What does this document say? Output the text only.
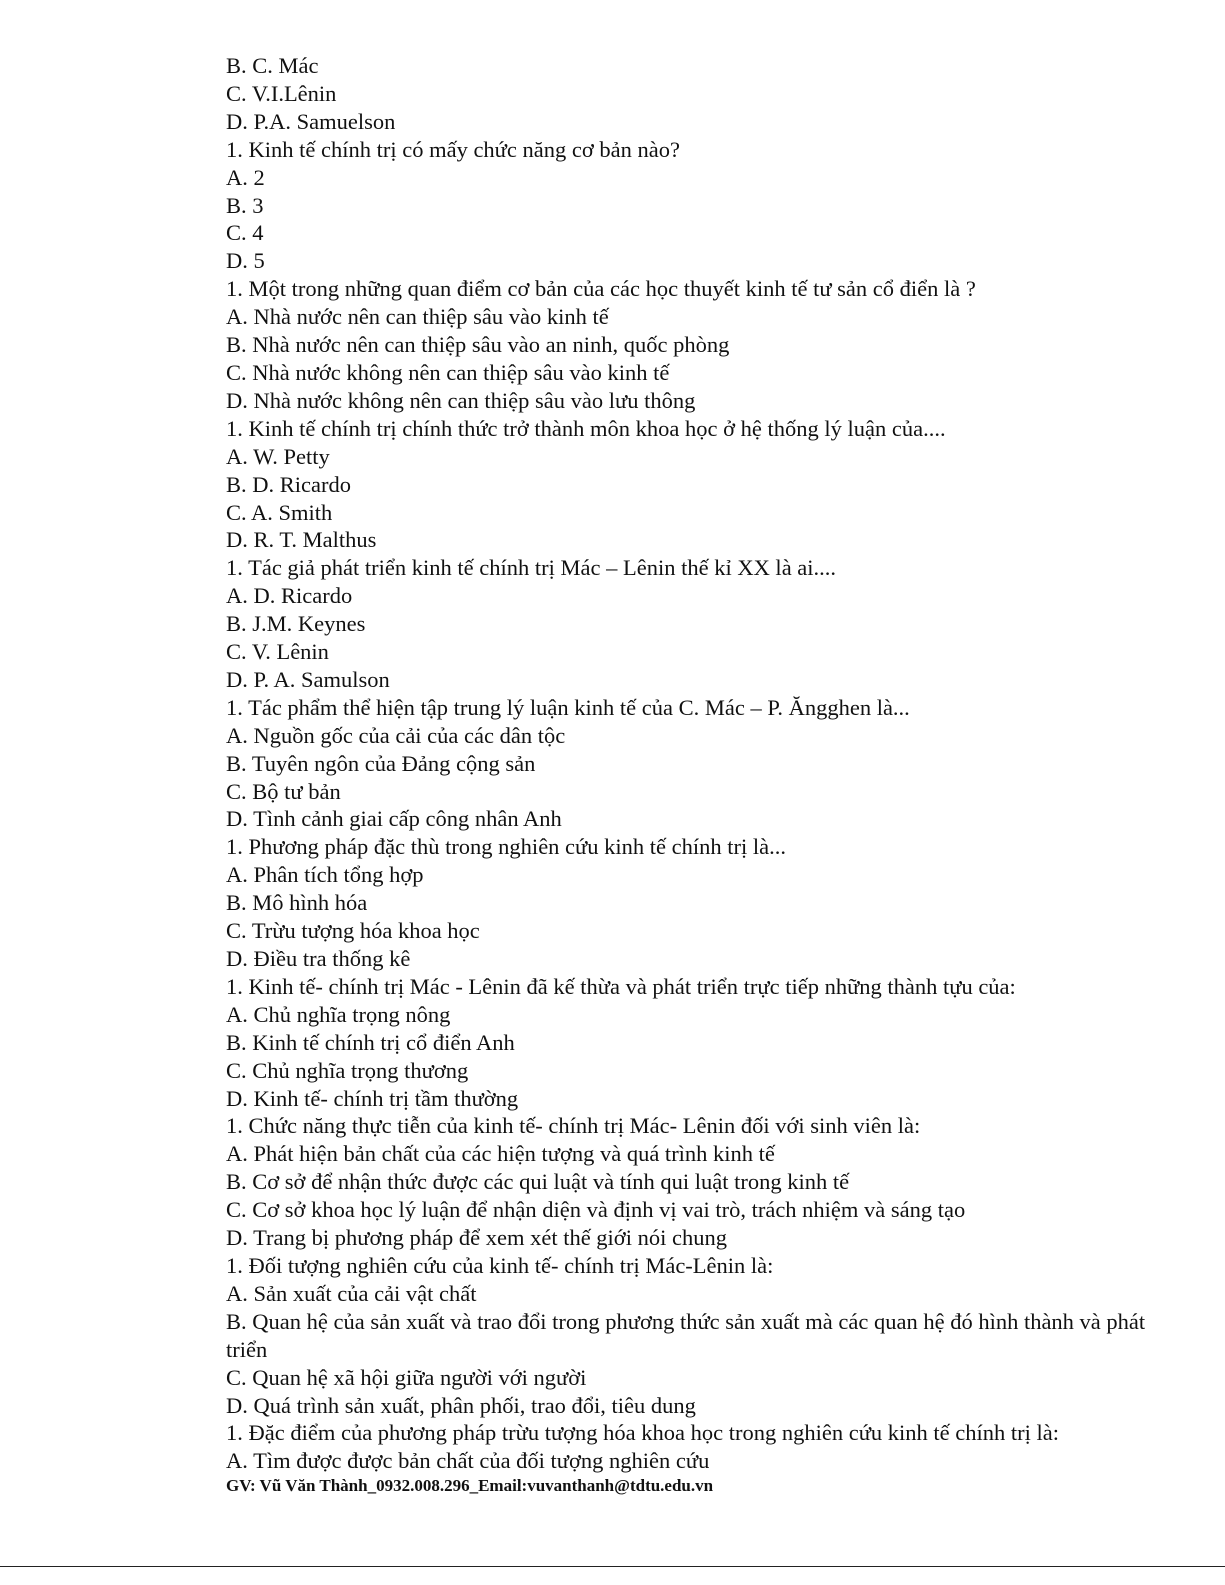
B. C. Mác
C. V.I.Lênin
D. P.A. Samuelson
1. Kinh tế chính trị có mấy chức năng cơ bản nào?
A. 2
B. 3
C. 4
D. 5
1. Một trong những quan điểm cơ bản của các học thuyết kinh tế tư sản cổ điển là ?
A. Nhà nước nên can thiệp sâu vào kinh tế
B. Nhà nước nên can thiệp sâu vào an ninh, quốc phòng
C. Nhà nước không nên can thiệp sâu vào kinh tế
D. Nhà nước không nên can thiệp sâu vào lưu thông
1. Kinh tế chính trị chính thức trở thành môn khoa học ở hệ thống lý luận của....
A. W. Petty
B. D. Ricardo
C. A. Smith
D. R. T. Malthus
1. Tác giả phát triển kinh tế chính trị Mác – Lênin thế kỉ XX là ai....
A. D. Ricardo
B. J.M. Keynes
C. V. Lênin
D. P. A. Samulson
1. Tác phẩm thể hiện tập trung lý luận kinh tế của C. Mác – P. Ăngghen là...
A. Nguồn gốc của cải của các dân tộc
B. Tuyên ngôn của Đảng cộng sản
C. Bộ tư bản
D. Tình cảnh giai cấp công nhân Anh
1. Phương pháp đặc thù trong nghiên cứu kinh tế chính trị là...
A. Phân tích tổng hợp
B. Mô hình hóa
C. Trừu tượng hóa khoa học
D. Điều tra thống kê
1. Kinh tế- chính trị Mác - Lênin đã kế thừa và phát triển trực tiếp những thành tựu của:
A. Chủ nghĩa trọng nông
B. Kinh tế chính trị cổ điển Anh
C. Chủ nghĩa trọng thương
D. Kinh tế- chính trị tầm thường
1. Chức năng thực tiễn của kinh tế- chính trị Mác- Lênin đối với sinh viên là:
A. Phát hiện bản chất của các hiện tượng và quá trình kinh tế
B. Cơ sở để nhận thức được các qui luật và tính qui luật trong kinh tế
C. Cơ sở khoa học lý luận để nhận diện và định vị vai trò, trách nhiệm và sáng tạo
D. Trang bị phương pháp để xem xét thế giới nói chung
1. Đối tượng nghiên cứu của kinh tế- chính trị Mác-Lênin là:
A. Sản xuất của cải vật chất
B. Quan hệ của sản xuất và trao đổi trong phương thức sản xuất mà các quan hệ đó hình thành và phát triển
C. Quan hệ xã hội giữa người với người
D. Quá trình sản xuất, phân phối, trao đổi, tiêu dung
1. Đặc điểm của phương pháp trừu tượng hóa khoa học trong nghiên cứu kinh tế chính trị là:
A. Tìm được được bản chất của đối tượng nghiên cứu
GV: Vũ Văn Thành_0932.008.296_Email:vuvanthanh@tdtu.edu.vn
